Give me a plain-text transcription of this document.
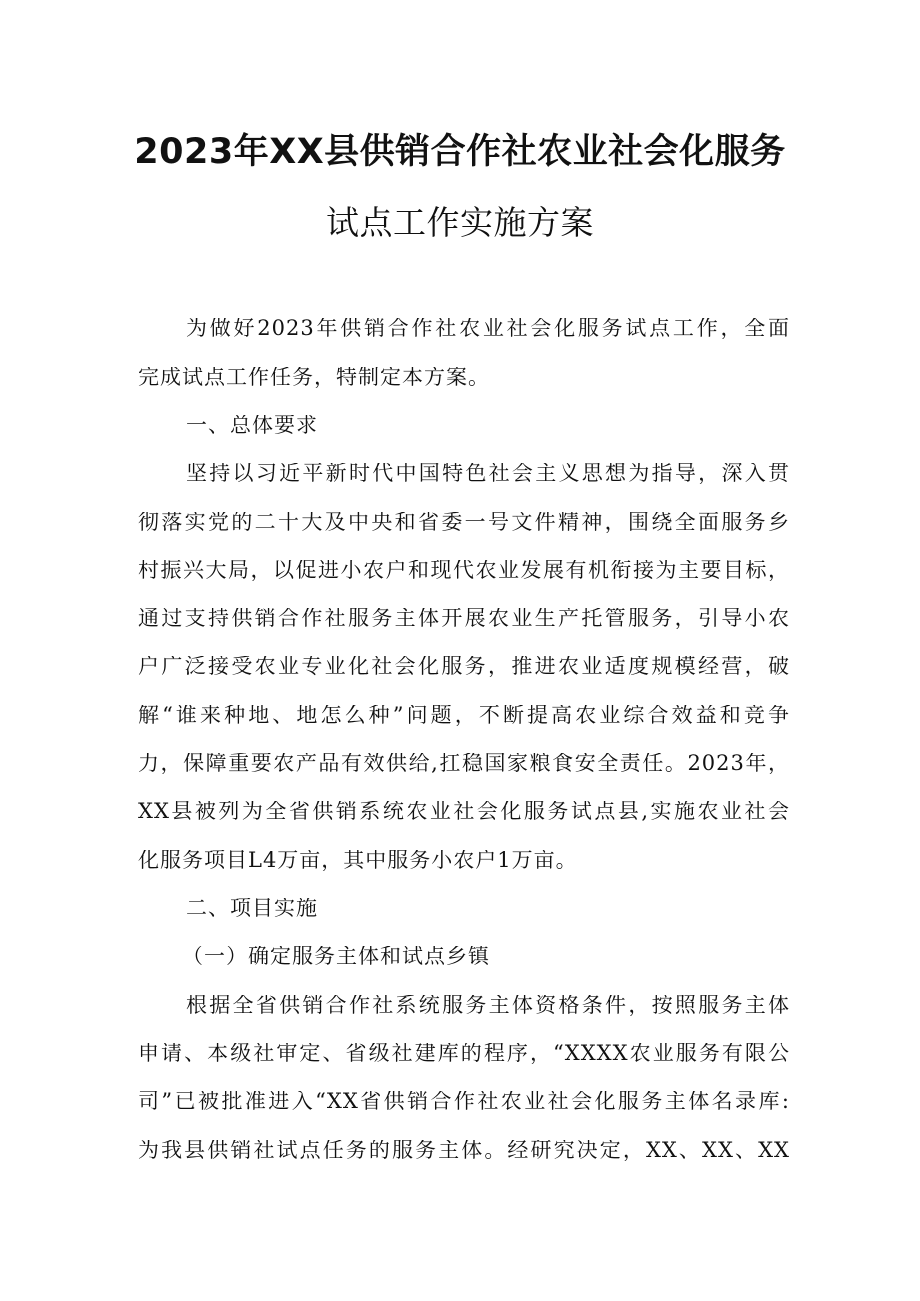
2023年XX县供销合作社农业社会化服务
试点工作实施方案
为做好2023年供销合作社农业社会化服务试点工作，全面
完成试点工作任务，特制定本方案。
一、总体要求
坚持以习近平新时代中国特色社会主义思想为指导，深入贯
彻落实党的二十大及中央和省委一号文件精神，围绕全面服务乡
村振兴大局，以促进小农户和现代农业发展有机衔接为主要目标，
通过支持供销合作社服务主体开展农业生产托管服务，引导小农
户广泛接受农业专业化社会化服务，推进农业适度规模经营，破
解“谁来种地、地怎么种”问题，不断提高农业综合效益和竞争
力，保障重要农产品有效供给,扛稳国家粮食安全责任。2023年，
XX县被列为全省供销系统农业社会化服务试点县,实施农业社会
化服务项目L4万亩，其中服务小农户1万亩。
二、项目实施
（一）确定服务主体和试点乡镇
根据全省供销合作社系统服务主体资格条件，按照服务主体
申请、本级社审定、省级社建库的程序，“XXXX农业服务有限公
司”已被批准进入“XX省供销合作社农业社会化服务主体名录库:
为我县供销社试点任务的服务主体。经研究决定，XX、XX、XX
